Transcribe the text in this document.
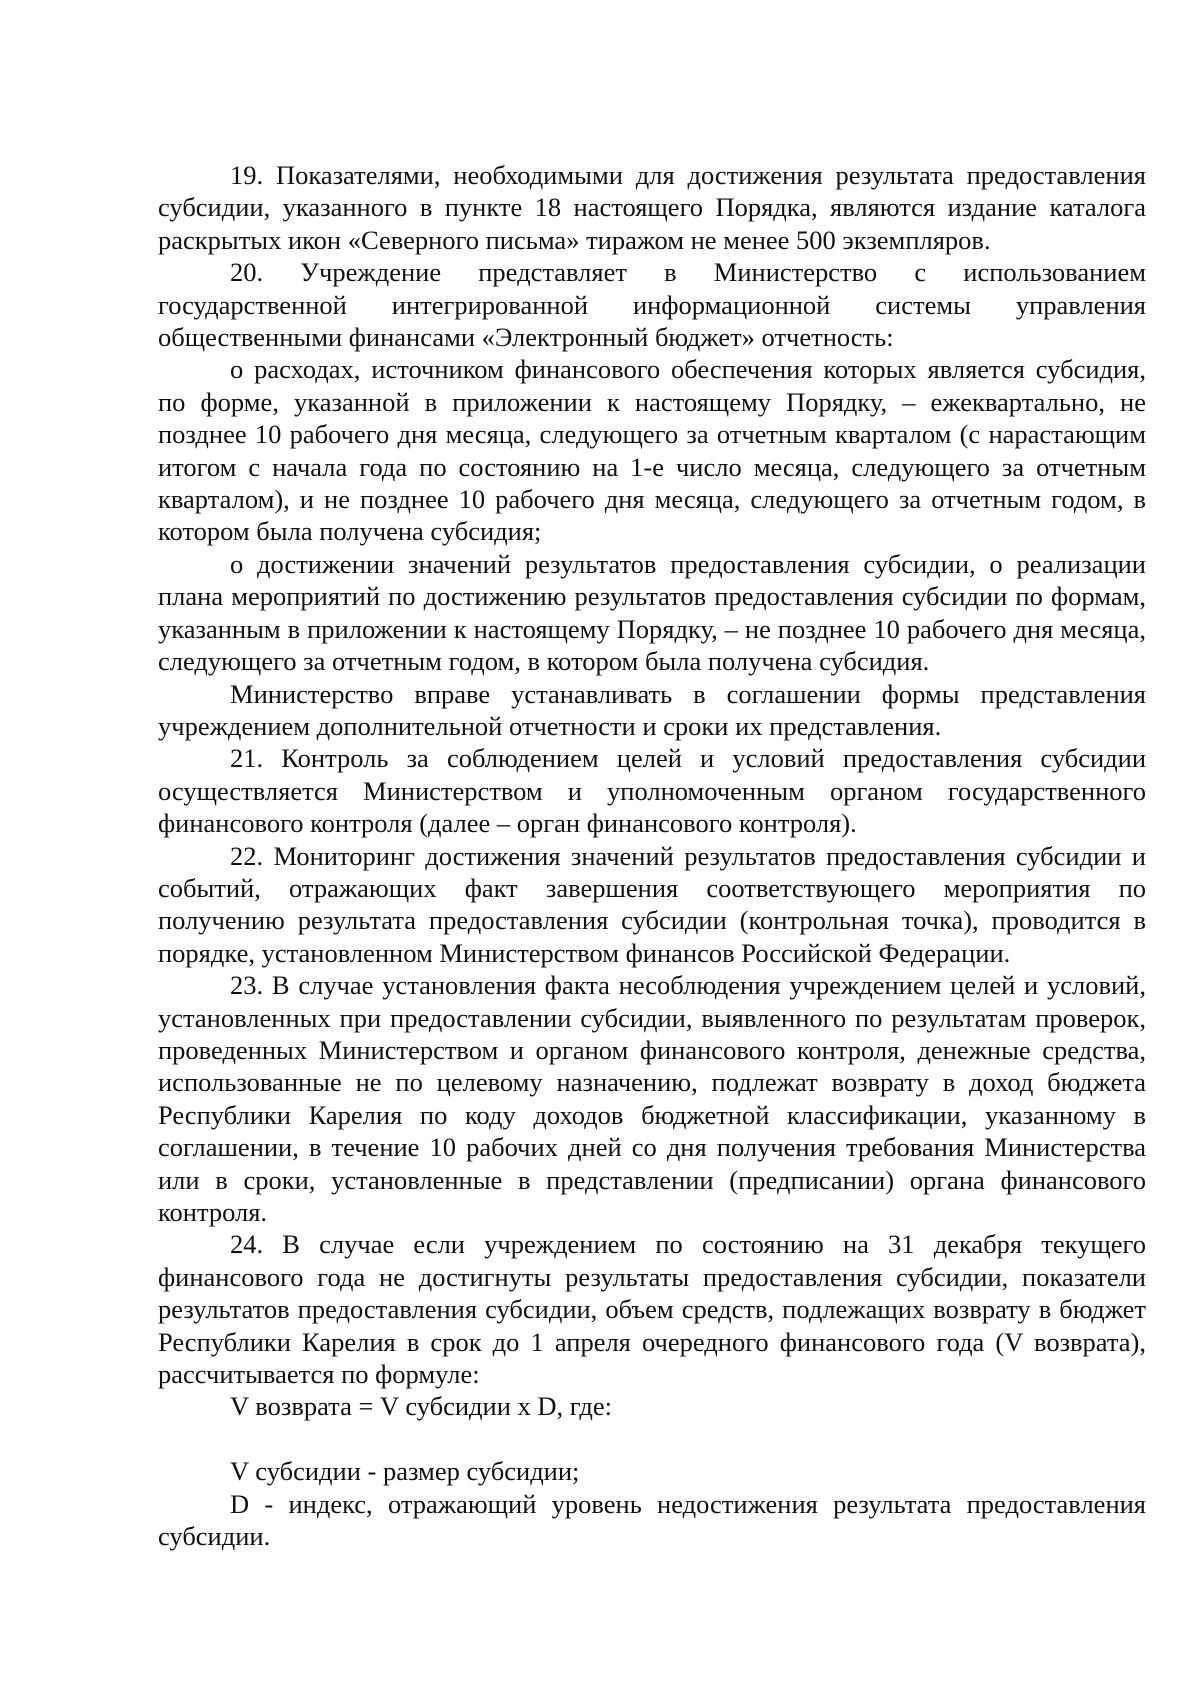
19. Показателями, необходимыми для достижения результата предоставления субсидии, указанного в пункте 18 настоящего Порядка, являются издание каталога раскрытых икон «Северного письма» тиражом не менее 500 экземпляров.

20. Учреждение представляет в Министерство с использованием государственной интегрированной информационной системы управления общественными финансами «Электронный бюджет» отчетность:

о расходах, источником финансового обеспечения которых является субсидия, по форме, указанной в приложении к настоящему Порядку, – ежеквартально, не позднее 10 рабочего дня месяца, следующего за отчетным кварталом (с нарастающим итогом с начала года по состоянию на 1-е число месяца, следующего за отчетным кварталом), и не позднее 10 рабочего дня месяца, следующего за отчетным годом, в котором была получена субсидия;

о достижении значений результатов предоставления субсидии, о реализации плана мероприятий по достижению результатов предоставления субсидии по формам, указанным в приложении к настоящему Порядку, – не позднее 10 рабочего дня месяца, следующего за отчетным годом, в котором была получена субсидия.

Министерство вправе устанавливать в соглашении формы представления учреждением дополнительной отчетности и сроки их представления.

21. Контроль за соблюдением целей и условий предоставления субсидии осуществляется Министерством и уполномоченным органом государственного финансового контроля (далее – орган финансового контроля).

22. Мониторинг достижения значений результатов предоставления субсидии и событий, отражающих факт завершения соответствующего мероприятия по получению результата предоставления субсидии (контрольная точка), проводится в порядке, установленном Министерством финансов Российской Федерации.

23. В случае установления факта несоблюдения учреждением целей и условий, установленных при предоставлении субсидии, выявленного по результатам проверок, проведенных Министерством и органом финансового контроля, денежные средства, использованные не по целевому назначению, подлежат возврату в доход бюджета Республики Карелия по коду доходов бюджетной классификации, указанному в соглашении, в течение 10 рабочих дней со дня получения требования Министерства или в сроки, установленные в представлении (предписании) органа финансового контроля.

24. В случае если учреждением по состоянию на 31 декабря текущего финансового года не достигнуты результаты предоставления субсидии, показатели результатов предоставления субсидии, объем средств, подлежащих возврату в бюджет Республики Карелия в срок до 1 апреля очередного финансового года (V возврата), рассчитывается по формуле:

V возврата = V субсидии x D, где:

V субсидии - размер субсидии;

D - индекс, отражающий уровень недостижения результата предоставления субсидии.
